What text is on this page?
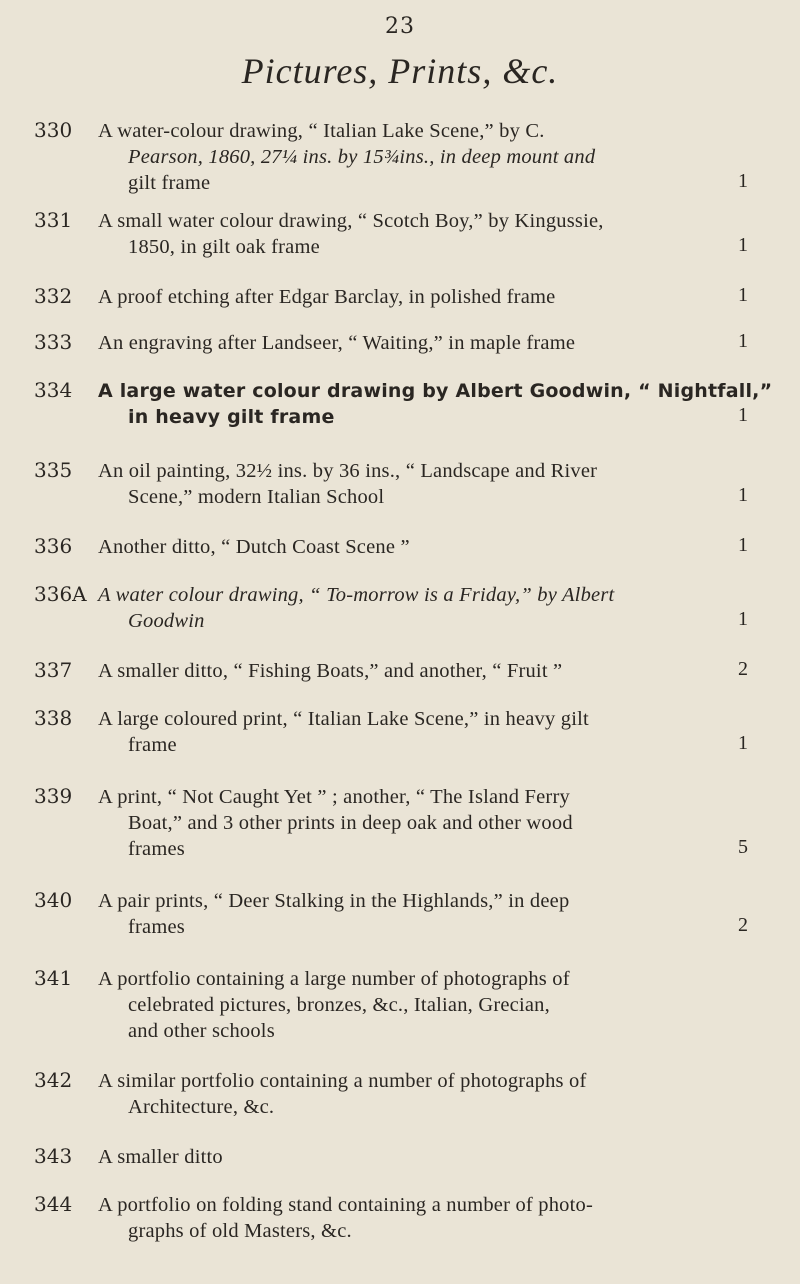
23
Pictures, Prints, &c.
330 A water-colour drawing, “ Italian Lake Scene,” by C.
Pearson, 1860, 27¼ ins. by 15¾ins., in deep mount and
gilt frame	1
331 A small water colour drawing, “ Scotch Boy,” by Kingussie,
1850, in gilt oak frame	1
332 A proof etching after Edgar Barclay, in polished frame	1
333 An engraving after Landseer, “ Waiting,” in maple frame	1
334 A large water colour drawing by Albert Goodwin, “ Nightfall,”
in heavy gilt frame	1
335 An oil painting, 32½ ins. by 36 ins., “ Landscape and River
Scene,” modern Italian School	1
336 Another ditto, “ Dutch Coast Scene ”	1
336A A water colour drawing, “ To-morrow is a Friday,” by Albert
Goodwin	1
337 A smaller ditto, “ Fishing Boats,” and another, “ Fruit ”	2
338 A large coloured print, “ Italian Lake Scene,” in heavy gilt
frame	1
339 A print, “ Not Caught Yet ” ; another, “ The Island Ferry
Boat,” and 3 other prints in deep oak and other wood
frames	5
340 A pair prints, “ Deer Stalking in the Highlands,” in deep
frames	2
341 A portfolio containing a large number of photographs of
celebrated pictures, bronzes, &c., Italian, Grecian,
and other schools
342 A similar portfolio containing a number of photographs of
Architecture, &c.
343 A smaller ditto
344 A portfolio on folding stand containing a number of photo-
graphs of old Masters, &c.
